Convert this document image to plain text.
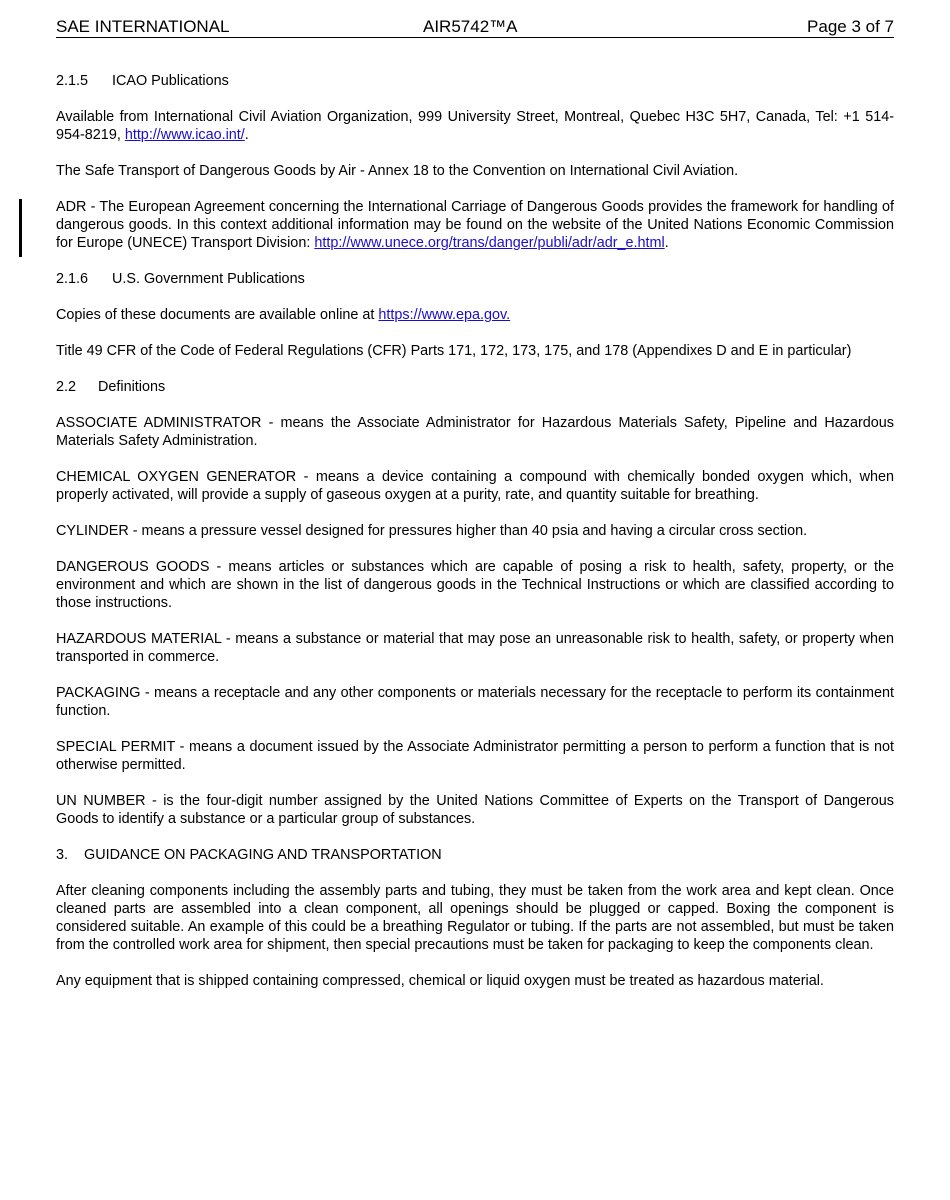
SAE INTERNATIONAL	AIR5742™A	Page 3 of 7

2.1.5 ICAO Publications

Available from International Civil Aviation Organization, 999 University Street, Montreal, Quebec H3C 5H7, Canada, Tel: +1 514-954-8219, http://www.icao.int/.

The Safe Transport of Dangerous Goods by Air - Annex 18 to the Convention on International Civil Aviation.

ADR - The European Agreement concerning the International Carriage of Dangerous Goods provides the framework for handling of dangerous goods. In this context additional information may be found on the website of the United Nations Economic Commission for Europe (UNECE) Transport Division: http://www.unece.org/trans/danger/publi/adr/adr_e.html.

2.1.6 U.S. Government Publications

Copies of these documents are available online at https://www.epa.gov.

Title 49 CFR of the Code of Federal Regulations (CFR) Parts 171, 172, 173, 175, and 178 (Appendixes D and E in particular)

2.2 Definitions

ASSOCIATE ADMINISTRATOR - means the Associate Administrator for Hazardous Materials Safety, Pipeline and Hazardous Materials Safety Administration.

CHEMICAL OXYGEN GENERATOR - means a device containing a compound with chemically bonded oxygen which, when properly activated, will provide a supply of gaseous oxygen at a purity, rate, and quantity suitable for breathing.

CYLINDER - means a pressure vessel designed for pressures higher than 40 psia and having a circular cross section.

DANGEROUS GOODS - means articles or substances which are capable of posing a risk to health, safety, property, or the environment and which are shown in the list of dangerous goods in the Technical Instructions or which are classified according to those instructions.

HAZARDOUS MATERIAL - means a substance or material that may pose an unreasonable risk to health, safety, or property when transported in commerce.

PACKAGING - means a receptacle and any other components or materials necessary for the receptacle to perform its containment function.

SPECIAL PERMIT - means a document issued by the Associate Administrator permitting a person to perform a function that is not otherwise permitted.

UN NUMBER - is the four-digit number assigned by the United Nations Committee of Experts on the Transport of Dangerous Goods to identify a substance or a particular group of substances.

3. GUIDANCE ON PACKAGING AND TRANSPORTATION

After cleaning components including the assembly parts and tubing, they must be taken from the work area and kept clean. Once cleaned parts are assembled into a clean component, all openings should be plugged or capped. Boxing the component is considered suitable. An example of this could be a breathing Regulator or tubing. If the parts are not assembled, but must be taken from the controlled work area for shipment, then special precautions must be taken for packaging to keep the components clean.

Any equipment that is shipped containing compressed, chemical or liquid oxygen must be treated as hazardous material.
